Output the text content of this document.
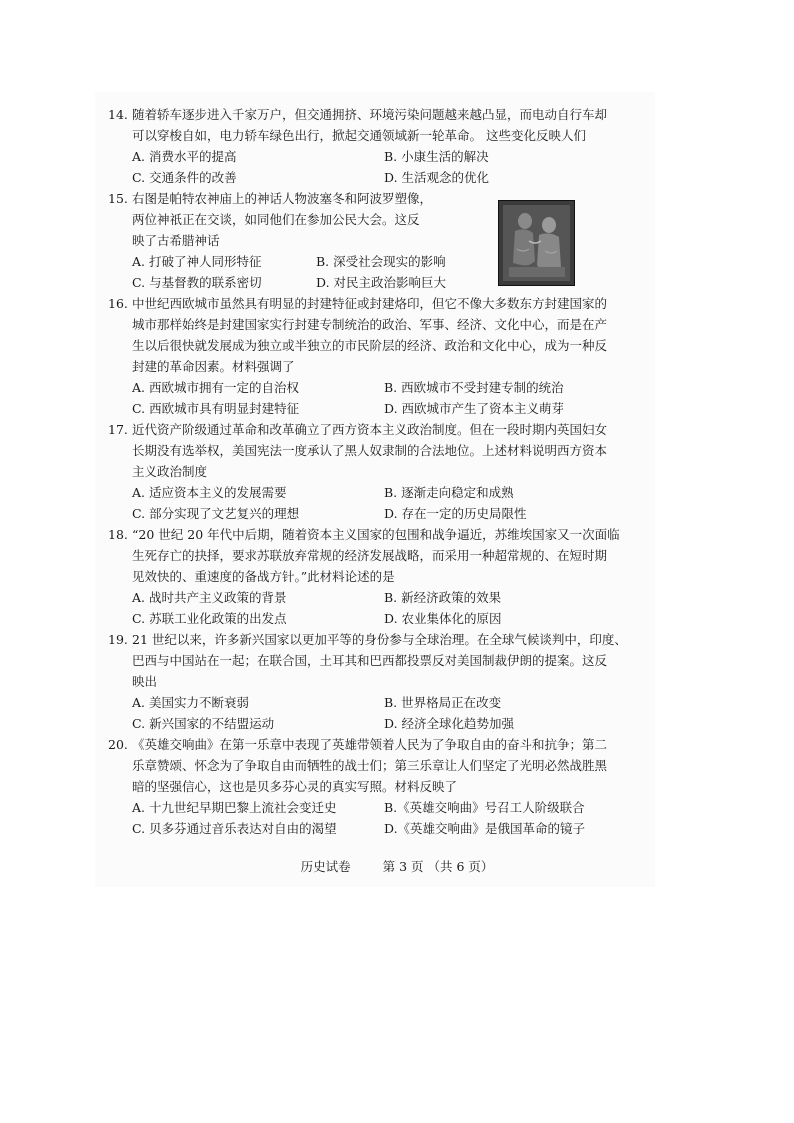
14. 随着轿车逐步进入千家万户，但交通拥挤、环境污染问题越来越凸显，而电动自行车却
可以穿梭自如，电力轿车绿色出行，掀起交通领域新一轮革命。 这些变化反映人们
A. 消费水平的提高	B. 小康生活的解决
C. 交通条件的改善	D. 生活观念的优化
15. 右图是帕特农神庙上的神话人物波塞冬和阿波罗塑像，
两位神祇正在交谈，如同他们在参加公民大会。这反
映了古希腊神话
A. 打破了神人同形特征	B. 深受社会现实的影响
C. 与基督教的联系密切	D. 对民主政治影响巨大
16. 中世纪西欧城市虽然具有明显的封建特征或封建烙印，但它不像大多数东方封建国家的
城市那样始终是封建国家实行封建专制统治的政治、军事、经济、文化中心，而是在产
生以后很快就发展成为独立或半独立的市民阶层的经济、政治和文化中心，成为一种反
封建的革命因素。材料强调了
A. 西欧城市拥有一定的自治权	B. 西欧城市不受封建专制的统治
C. 西欧城市具有明显封建特征	D. 西欧城市产生了资本主义萌芽
17. 近代资产阶级通过革命和改革确立了西方资本主义政治制度。但在一段时期内英国妇女
长期没有选举权，美国宪法一度承认了黑人奴隶制的合法地位。上述材料说明西方资本
主义政治制度
A. 适应资本主义的发展需要	B. 逐渐走向稳定和成熟
C. 部分实现了文艺复兴的理想	D. 存在一定的历史局限性
18. “20 世纪 20 年代中后期，随着资本主义国家的包围和战争逼近，苏维埃国家又一次面临
生死存亡的抉择，要求苏联放弃常规的经济发展战略，而采用一种超常规的、在短时期
见效快的、重速度的备战方针。”此材料论述的是
A. 战时共产主义政策的背景	B. 新经济政策的效果
C. 苏联工业化政策的出发点	D. 农业集体化的原因
19. 21 世纪以来，许多新兴国家以更加平等的身份参与全球治理。在全球气候谈判中，印度、
巴西与中国站在一起；在联合国，土耳其和巴西都投票反对美国制裁伊朗的提案。这反
映出
A. 美国实力不断衰弱	B. 世界格局正在改变
C. 新兴国家的不结盟运动	D. 经济全球化趋势加强
20. 《英雄交响曲》在第一乐章中表现了英雄带领着人民为了争取自由的奋斗和抗争；第二
乐章赞颂、怀念为了争取自由而牺牲的战士们；第三乐章让人们坚定了光明必然战胜黑
暗的坚强信心，这也是贝多芬心灵的真实写照。材料反映了
A. 十九世纪早期巴黎上流社会变迁史	B.《英雄交响曲》号召工人阶级联合
C. 贝多芬通过音乐表达对自由的渴望	D.《英雄交响曲》是俄国革命的镜子
历史试卷	第 3 页 （共 6 页）
